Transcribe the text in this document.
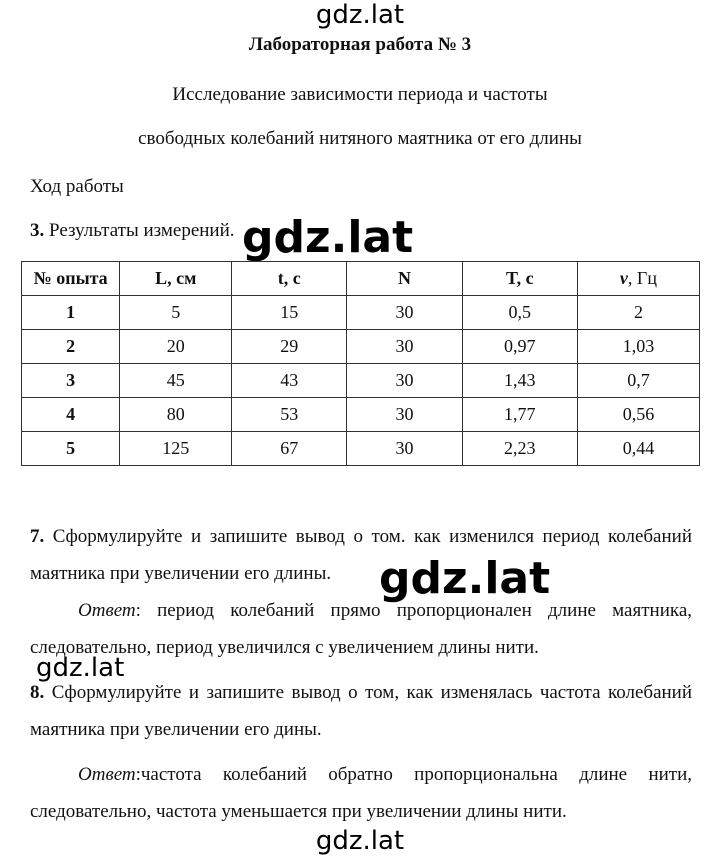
gdz.lat
Лабораторная работа № 3
Исследование зависимости периода и частоты
свободных колебаний нитяного маятника от его длины
Ход работы
3. Результаты измерений. gdz.lat
№ опыта	L, см	t, c	N	T, c	ν, Гц
1	5	15	30	0,5	2
2	20	29	30	0,97	1,03
3	45	43	30	1,43	0,7
4	80	53	30	1,77	0,56
5	125	67	30	2,23	0,44
7. Сформулируйте и запишите вывод о том. как изменился период колебаний маятника при увеличении его длины.	gdz.lat
Ответ: период колебаний прямо пропорционален длине маятника, следовательно, период увеличился с увеличением длины нити.
gdz.lat
8. Сформулируйте и запишите вывод о том, как изменялась частота колебаний маятника при увеличении его дины.
Ответ:частота колебаний обратно пропорциональна длине нити, следовательно, частота уменьшается при увеличении длины нити.
gdz.lat
